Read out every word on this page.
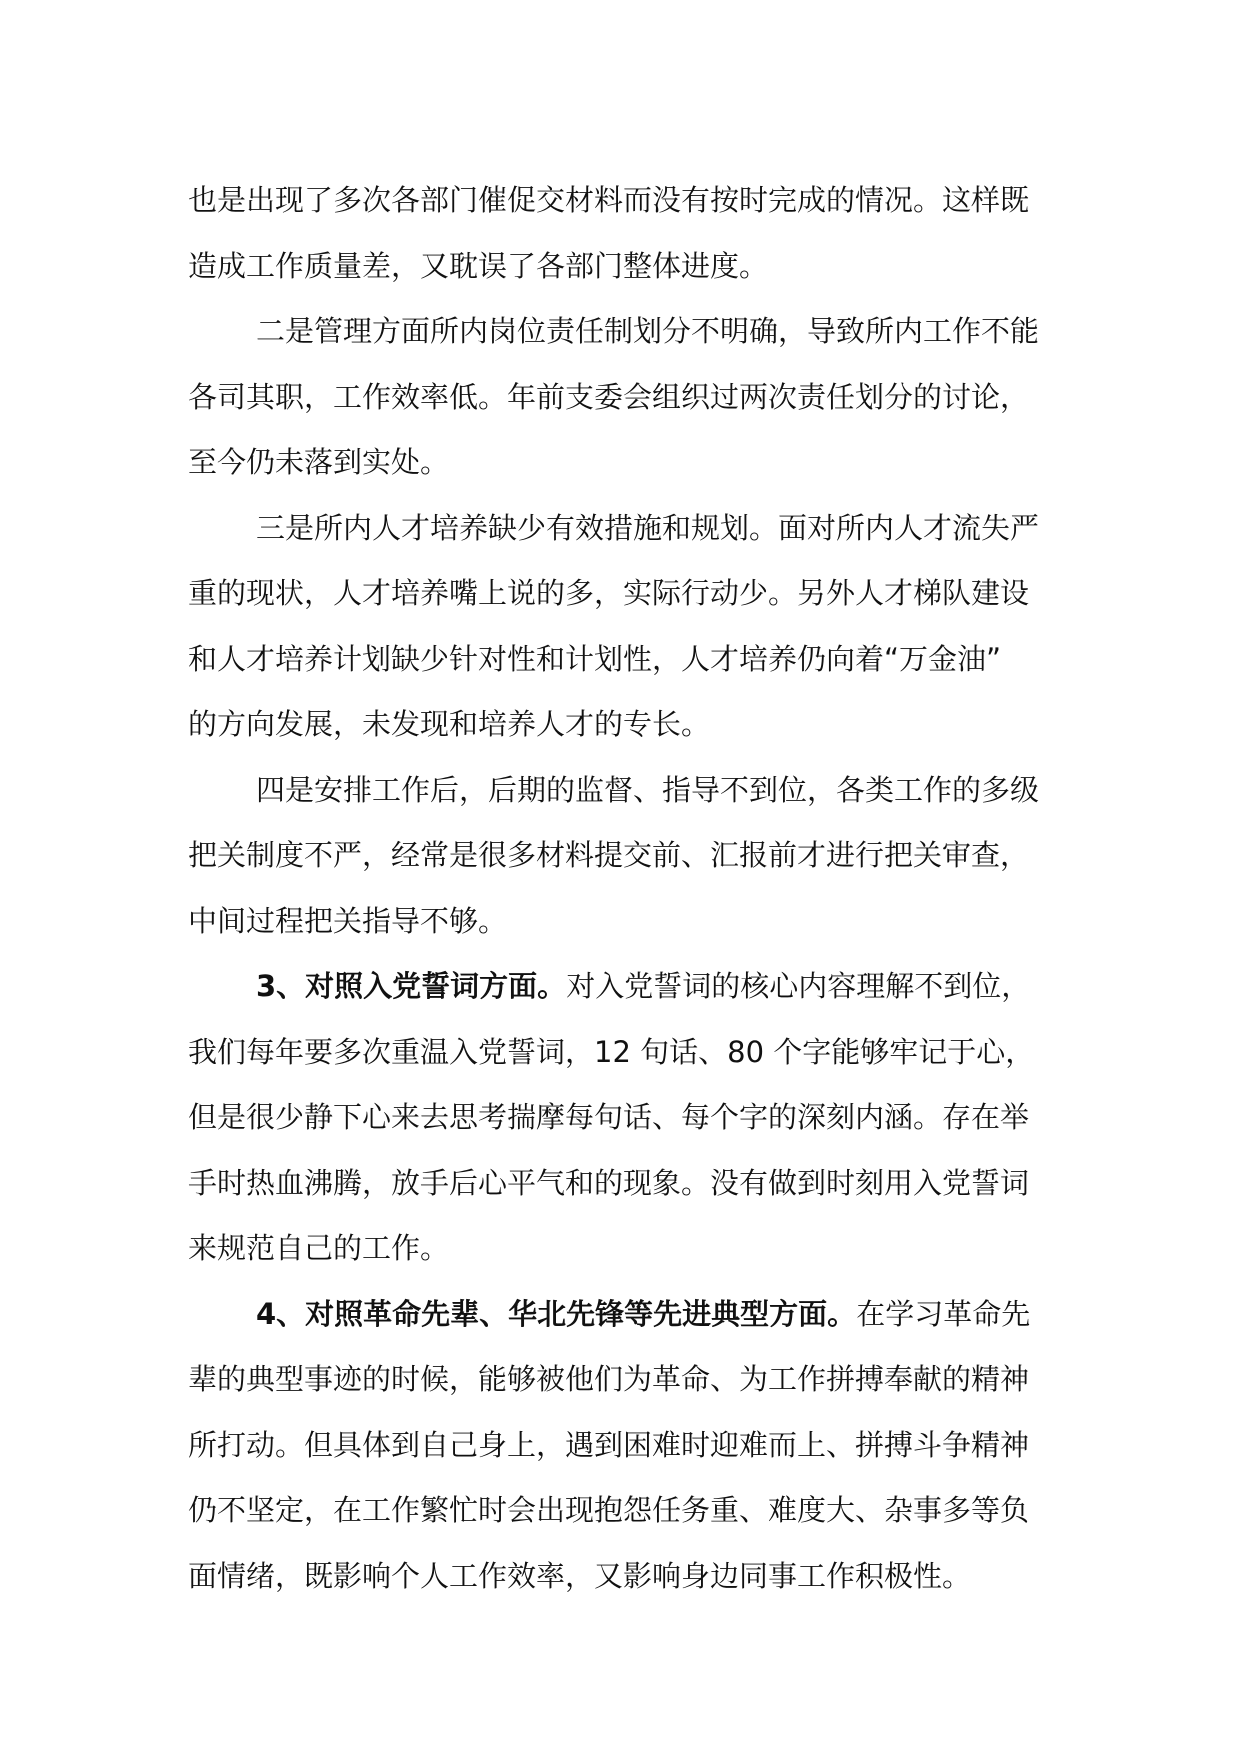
也是出现了多次各部门催促交材料而没有按时完成的情况。这样既
造成工作质量差，又耽误了各部门整体进度。
二是管理方面所内岗位责任制划分不明确，导致所内工作不能
各司其职，工作效率低。年前支委会组织过两次责任划分的讨论，
至今仍未落到实处。
三是所内人才培养缺少有效措施和规划。面对所内人才流失严
重的现状，人才培养嘴上说的多，实际行动少。另外人才梯队建设
和人才培养计划缺少针对性和计划性，人才培养仍向着“万金油”
的方向发展，未发现和培养人才的专长。
四是安排工作后，后期的监督、指导不到位，各类工作的多级
把关制度不严，经常是很多材料提交前、汇报前才进行把关审查，
中间过程把关指导不够。
3、对照入党誓词方面。对入党誓词的核心内容理解不到位，
我们每年要多次重温入党誓词，12 句话、80 个字能够牢记于心，
但是很少静下心来去思考揣摩每句话、每个字的深刻内涵。存在举
手时热血沸腾，放手后心平气和的现象。没有做到时刻用入党誓词
来规范自己的工作。
4、对照革命先辈、华北先锋等先进典型方面。在学习革命先
辈的典型事迹的时候，能够被他们为革命、为工作拼搏奉献的精神
所打动。但具体到自己身上，遇到困难时迎难而上、拼搏斗争精神
仍不坚定，在工作繁忙时会出现抱怨任务重、难度大、杂事多等负
面情绪，既影响个人工作效率，又影响身边同事工作积极性。
